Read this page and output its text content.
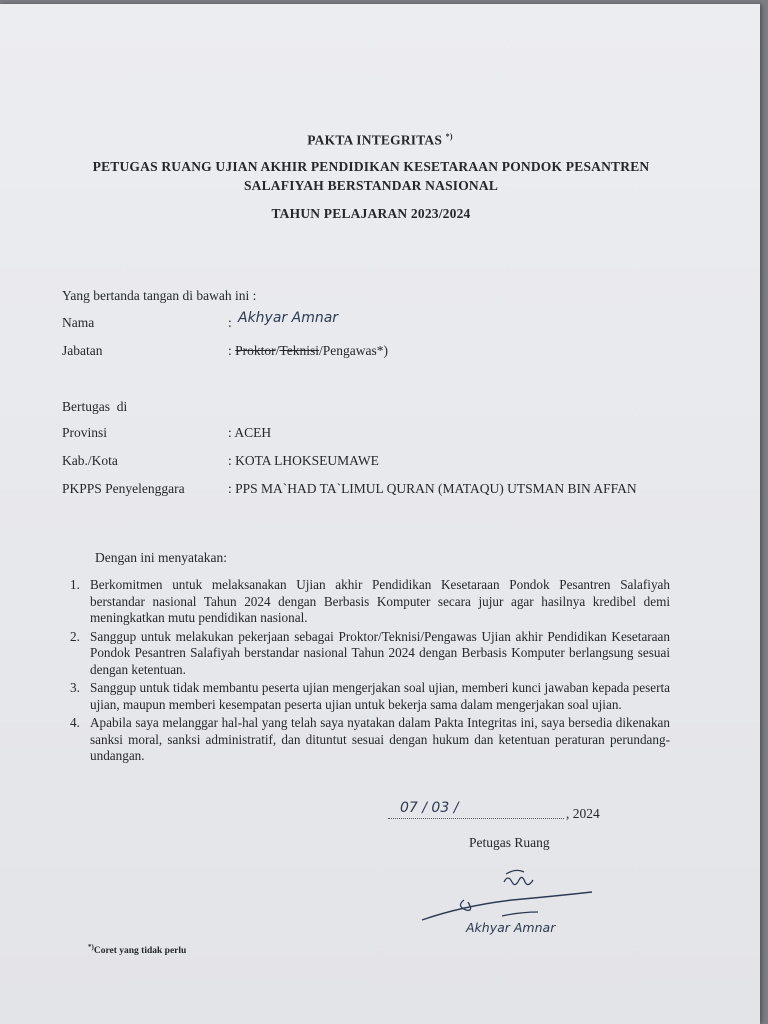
PAKTA INTEGRITAS *)
PETUGAS RUANG UJIAN AKHIR PENDIDIKAN KESETARAAN PONDOK PESANTREN
SALAFIYAH BERSTANDAR NASIONAL
TAHUN PELAJARAN 2023/2024
Yang bertanda tangan di bawah ini :
Nama	: Akhyar Amnar
Jabatan	: Proktor/Teknisi/Pengawas*)
Bertugas  di
Provinsi	: ACEH
Kab./Kota	: KOTA LHOKSEUMAWE
PKPPS Penyelenggara	: PPS MA`HAD TA`LIMUL QURAN (MATAQU) UTSMAN BIN AFFAN
Dengan ini menyatakan:
1. Berkomitmen untuk melaksanakan Ujian akhir Pendidikan Kesetaraan Pondok Pesantren Salafiyah berstandar nasional Tahun 2024 dengan Berbasis Komputer secara jujur agar hasilnya kredibel demi meningkatkan mutu pendidikan nasional.
2. Sanggup untuk melakukan pekerjaan sebagai Proktor/Teknisi/Pengawas Ujian akhir Pendidikan Kesetaraan Pondok Pesantren Salafiyah berstandar nasional Tahun 2024 dengan Berbasis Komputer berlangsung sesuai dengan ketentuan.
3. Sanggup untuk tidak membantu peserta ujian mengerjakan soal ujian, memberi kunci jawaban kepada peserta ujian, maupun memberi kesempatan peserta ujian untuk bekerja sama dalam mengerjakan soal ujian.
4. Apabila saya melanggar hal-hal yang telah saya nyatakan dalam Pakta Integritas ini, saya bersedia dikenakan sanksi moral, sanksi administratif, dan dituntut sesuai dengan hukum dan ketentuan peraturan perundang- undangan.
07 / 03 /	, 2024
Petugas Ruang
Akhyar Amnar
*)Coret yang tidak perlu
